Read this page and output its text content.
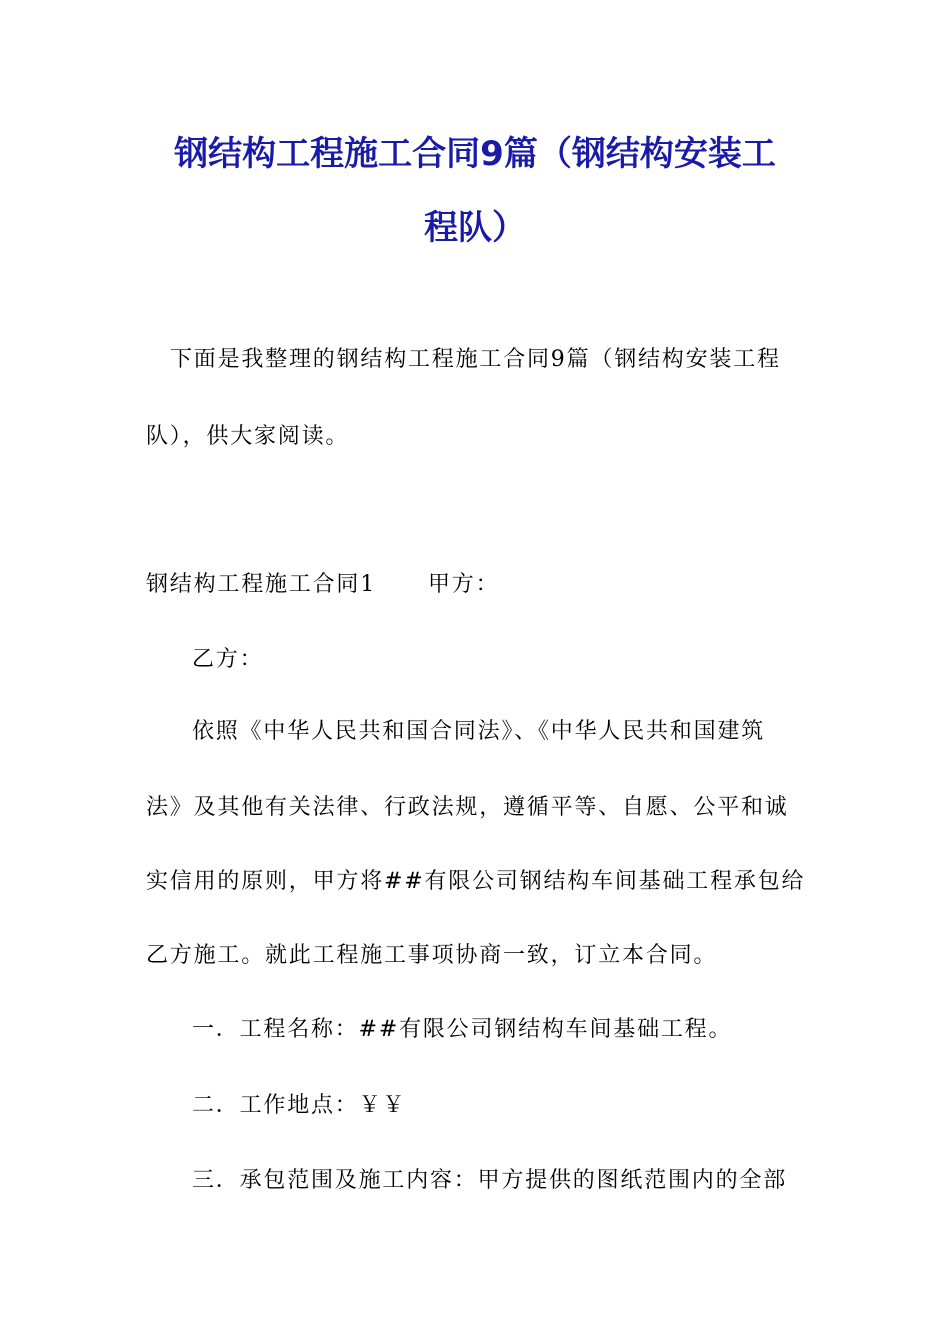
钢结构工程施工合同9篇（钢结构安装工
程队）
下面是我整理的钢结构工程施工合同9篇（钢结构安装工程
队），供大家阅读。
钢结构工程施工合同1 甲方：
乙方：
依照《中华人民共和国合同法》、《中华人民共和国建筑
法》及其他有关法律、行政法规，遵循平等、自愿、公平和诚
实信用的原则，甲方将##有限公司钢结构车间基础工程承包给
乙方施工。就此工程施工事项协商一致，订立本合同。
一．工程名称：##有限公司钢结构车间基础工程。
二．工作地点：￥￥
三．承包范围及施工内容：甲方提供的图纸范围内的全部
